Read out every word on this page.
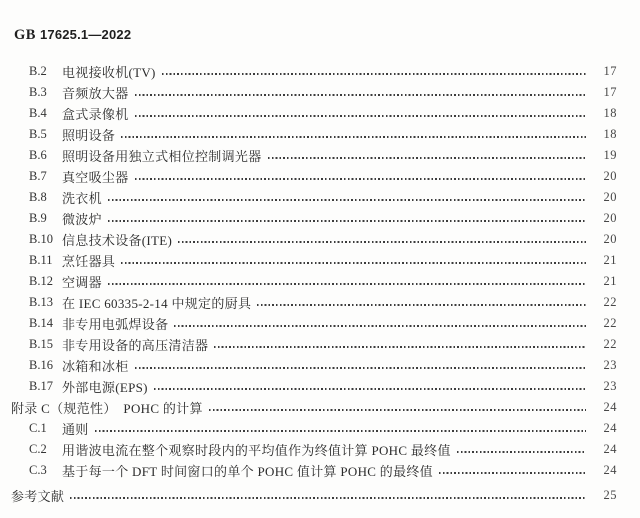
GB 17625.1—2022
B.2	电视接收机(TV)	17
B.3	音频放大器	17
B.4	盒式录像机	18
B.5	照明设备	18
B.6	照明设备用独立式相位控制调光器	19
B.7	真空吸尘器	20
B.8	洗衣机	20
B.9	微波炉	20
B.10 信息技术设备(ITE)	20
B.11 烹饪器具	21
B.12 空调器	21
B.13 在 IEC 60335-2-14 中规定的厨具	22
B.14 非专用电弧焊设备	22
B.15 非专用设备的高压清洁器	22
B.16 冰箱和冰柜	23
B.17 外部电源(EPS)	23
附录 C（规范性）　POHC 的计算	24
C.1	通则	24
C.2	用谐波电流在整个观察时段内的平均值作为终值计算 POHC 最终值	24
C.3	基于每一个 DFT 时间窗口的单个 POHC 值计算 POHC 的最终值	24
参考文献	25
